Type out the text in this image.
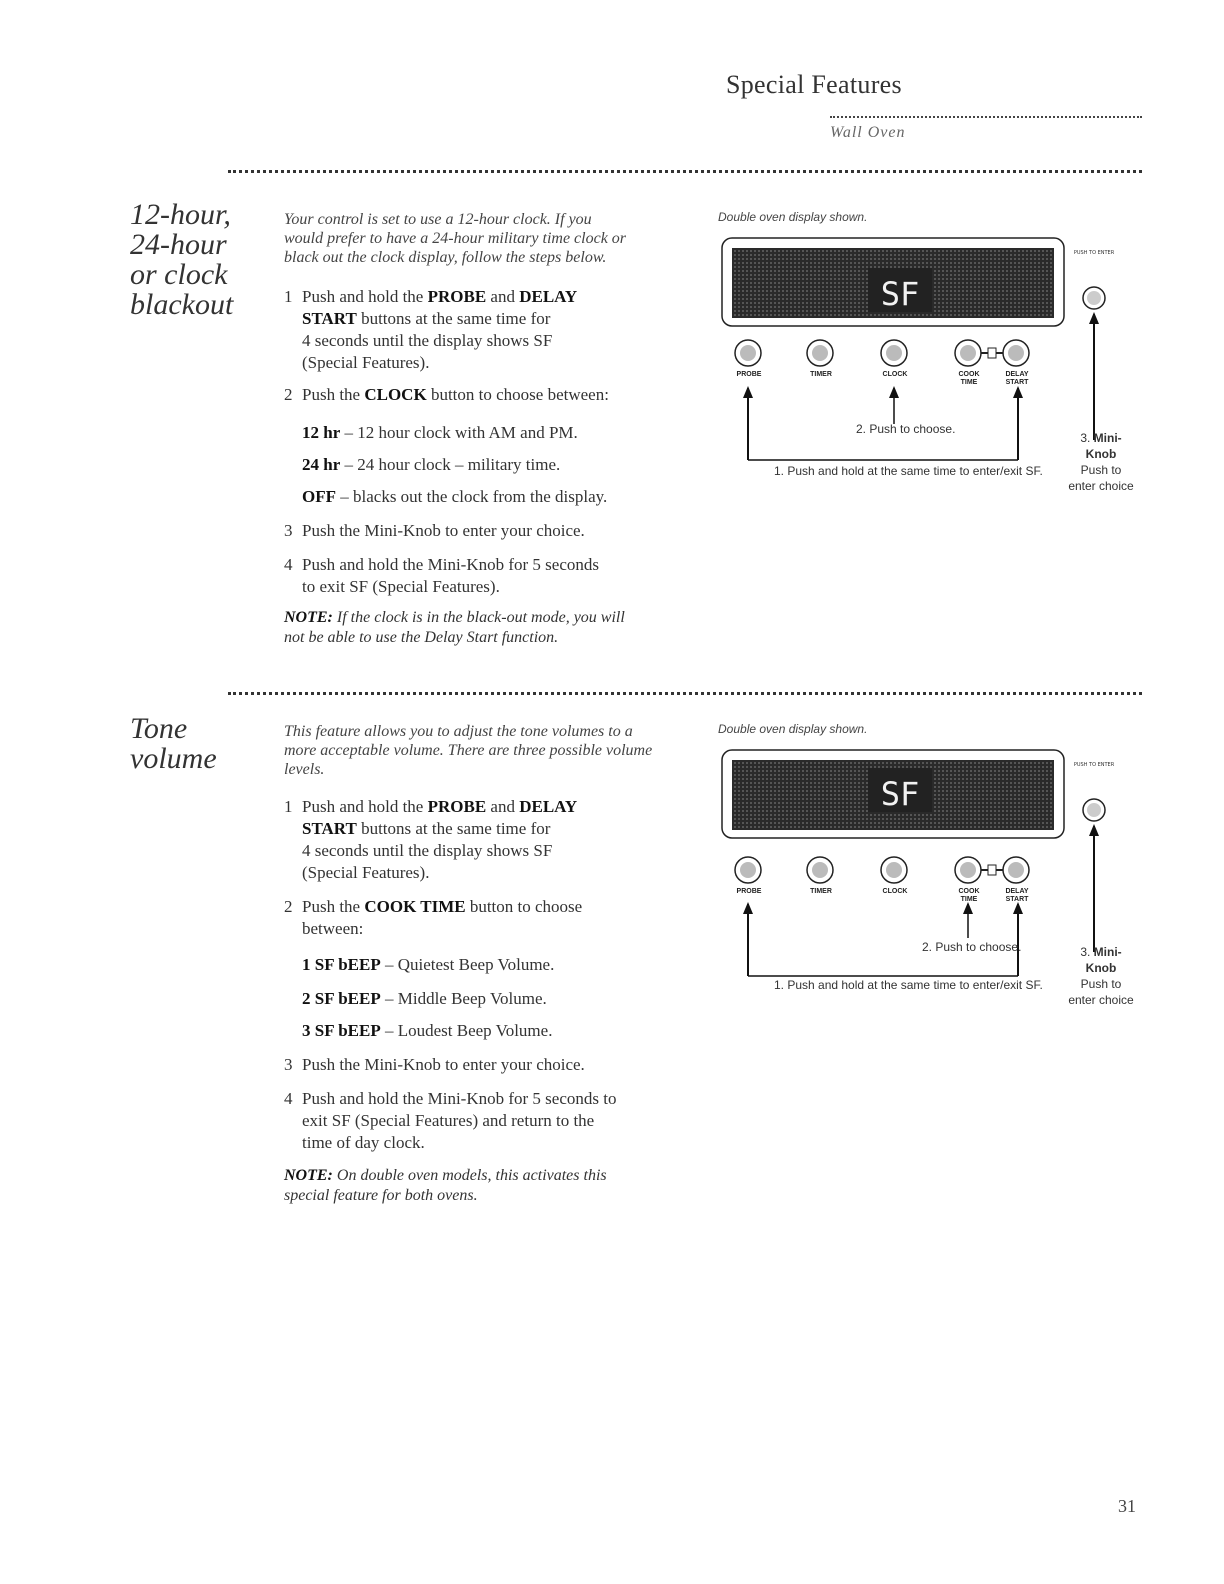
Special Features
Wall Oven
12-hour,
24-hour
or clock
blackout
Your control is set to use a 12-hour clock. If you
would prefer to have a 24-hour military time clock or
black out the clock display, follow the steps below.
1 Push and hold the PROBE and DELAY
START buttons at the same time for
4 seconds until the display shows SF
(Special Features).
2 Push the CLOCK button to choose between:
12 hr – 12 hour clock with AM and PM.
24 hr – 24 hour clock – military time.
OFF – blacks out the clock from the display.
3 Push the Mini-Knob to enter your choice.
4 Push and hold the Mini-Knob for 5 seconds
to exit SF (Special Features).
NOTE: If the clock is in the black-out mode, you will
not be able to use the Delay Start function.
Double oven display shown.
SF
PUSH TO ENTER
PROBE	TIMER	CLOCK	COOK TIME
DELAY START
2. Push to choose.
1. Push and hold at the same time to enter/exit SF.
3. Mini-
Knob
Push to
enter choice
Tone
volume
This feature allows you to adjust the tone volumes to a
more acceptable volume. There are three possible volume
levels.
1 Push and hold the PROBE and DELAY
START buttons at the same time for
4 seconds until the display shows SF
(Special Features).
2 Push the COOK TIME button to choose
between:
1 SF bEEP – Quietest Beep Volume.
2 SF bEEP – Middle Beep Volume.
3 SF bEEP – Loudest Beep Volume.
3 Push the Mini-Knob to enter your choice.
4 Push and hold the Mini-Knob for 5 seconds to
exit SF (Special Features) and return to the
time of day clock.
NOTE: On double oven models, this activates this
special feature for both ovens.
Double oven display shown.
SF
PUSH TO ENTER
PROBE	TIMER	CLOCK	COOK TIME
DELAY START
2. Push to choose.
1. Push and hold at the same time to enter/exit SF.
3. Mini-
Knob
Push to
enter choice
31
